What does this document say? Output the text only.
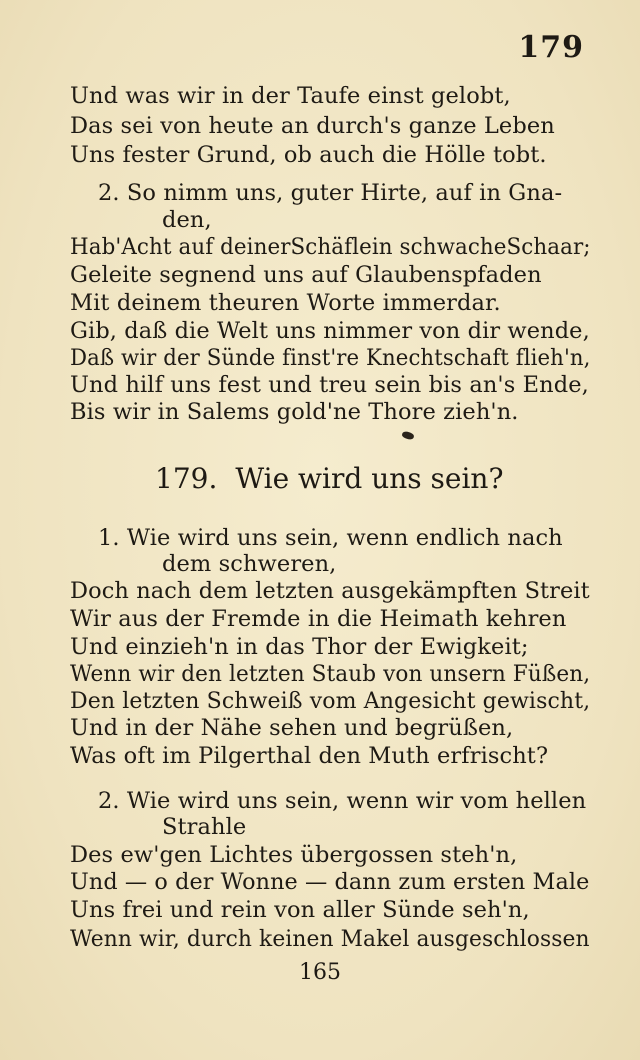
179
Und was wir in der Taufe einst gelobt,
Das sei von heute an durch's ganze Leben
Uns fester Grund, ob auch die Hölle tobt.
2. So nimm uns, guter Hirte, auf in Gna-
den,
Hab'Acht auf deinerSchäflein schwacheSchaar;
Geleite segnend uns auf Glaubenspfaden
Mit deinem theuren Worte immerdar.
Gib, daß die Welt uns nimmer von dir wende,
Daß wir der Sünde finst're Knechtschaft flieh'n,
Und hilf uns fest und treu sein bis an's Ende,
Bis wir in Salems gold'ne Thore zieh'n.
179. Wie wird uns sein?
1. Wie wird uns sein, wenn endlich nach
dem schweren,
Doch nach dem letzten ausgekämpften Streit
Wir aus der Fremde in die Heimath kehren
Und einzieh'n in das Thor der Ewigkeit;
Wenn wir den letzten Staub von unsern Füßen,
Den letzten Schweiß vom Angesicht gewischt,
Und in der Nähe sehen und begrüßen,
Was oft im Pilgerthal den Muth erfrischt?
2. Wie wird uns sein, wenn wir vom hellen
Strahle
Des ew'gen Lichtes übergossen steh'n,
Und — o der Wonne — dann zum ersten Male
Uns frei und rein von aller Sünde seh'n,
Wenn wir, durch keinen Makel ausgeschlossen
165
